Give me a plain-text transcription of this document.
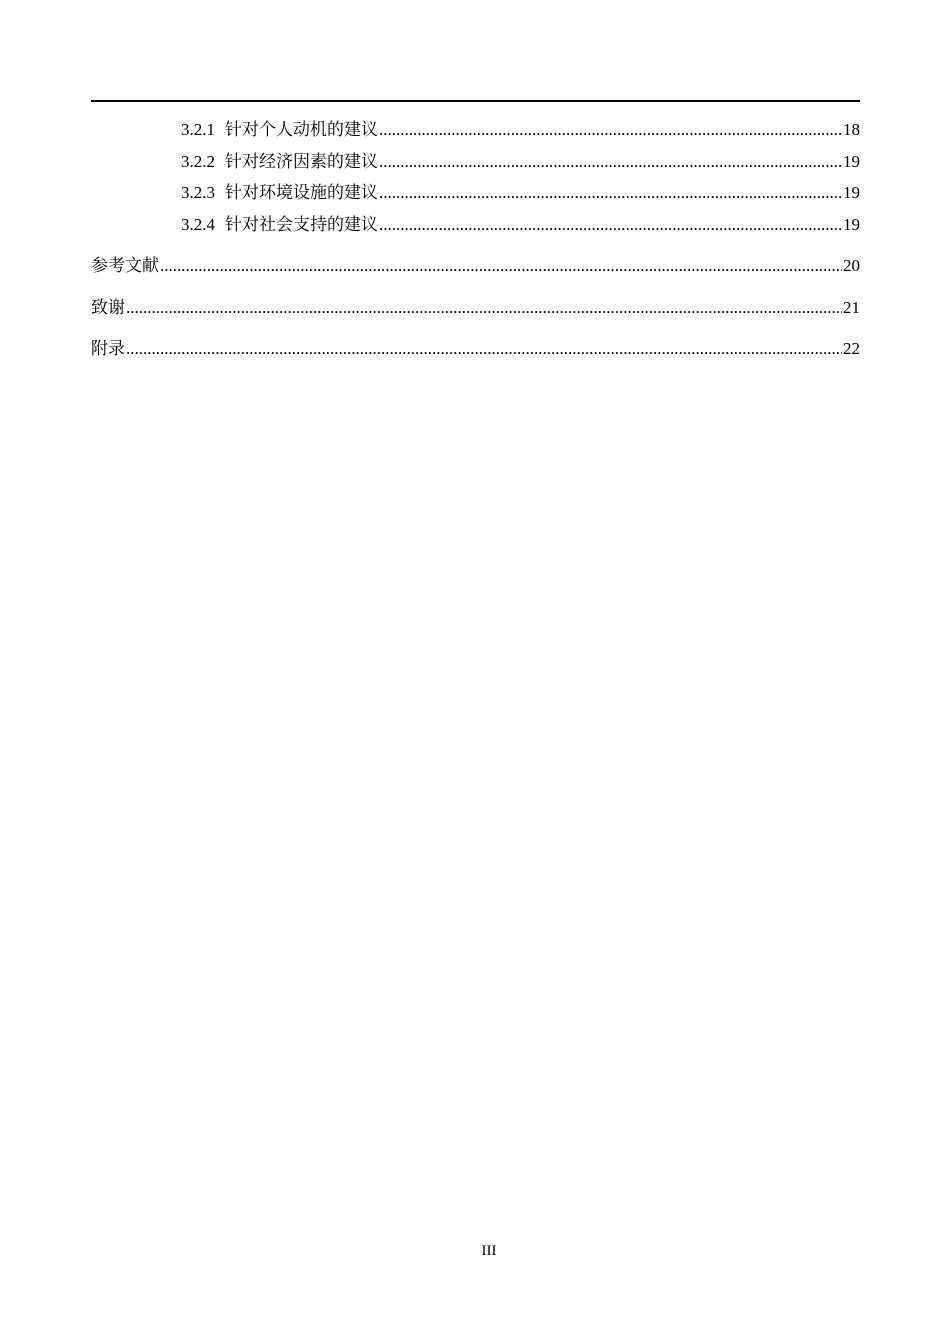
3.2.1 针对个人动机的建议 .....	18
3.2.2 针对经济因素的建议 .....	19
3.2.3 针对环境设施的建议 .....	19
3.2.4 针对社会支持的建议 .....	19
参考文献 .....	20
致谢 .....	21
附录 .....	22
III
